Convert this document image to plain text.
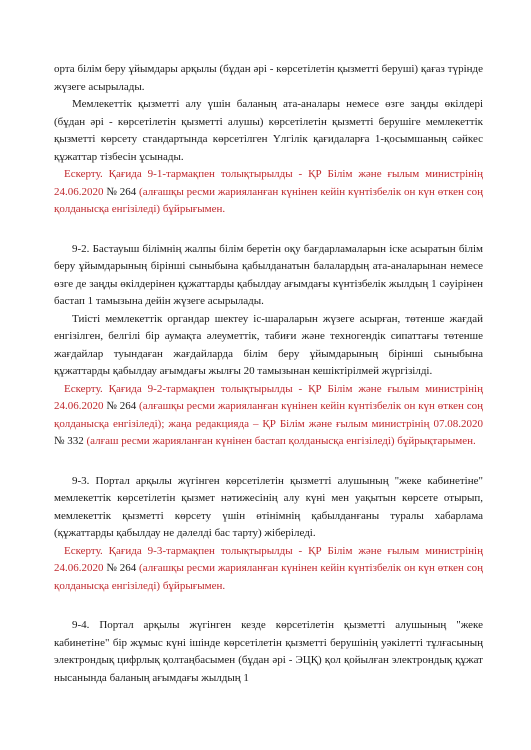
орта білім беру ұйымдары арқылы (бұдан әрі - көрсетілетін қызметті беруші) қағаз түрінде жүзеге асырылады.

Мемлекеттік қызметті алу үшін баланың ата-аналары немесе өзге заңды өкілдері (бұдан әрі - көрсетілетін қызметті алушы) көрсетілетін қызметті берушіге мемлекеттік қызметті көрсету стандартында көрсетілген Үлгілік қағидаларға 1-қосымшаның сәйкес құжаттар тізбесін ұсынады.

Ескерту. Қағида 9-1-тармақпен толықтырылды - ҚР Білім және ғылым министрінің 24.06.2020 № 264 (алғашқы ресми жарияланған күнінен кейін күнтізбелік он күн өткен соң қолданысқа енгізіледі) бұйрығымен.

9-2. Бастауыш білімнің жалпы білім беретін оқу бағдарламаларын іске асыратын білім беру ұйымдарының бірінші сыныбына қабылданатын балалардың ата-аналарынан немесе өзге де заңды өкілдерінен құжаттарды қабылдау ағымдағы күнтізбелік жылдың 1 сәуірінен бастап 1 тамызына дейін жүзеге асырылады.

Тиісті мемлекеттік органдар шектеу іс-шараларын жүзеге асырған, төтенше жағдай енгізілген, белгілі бір аумақта әлеуметтік, табиғи және техногендік сипаттағы төтенше жағдайлар туындаған жағдайларда білім беру ұйымдарының бірінші сыныбына құжаттарды қабылдау ағымдағы жылғы 20 тамызынан кешіктірілмей жүргізілді.

Ескерту. Қағида 9-2-тармақпен толықтырылды - ҚР Білім және ғылым министрінің 24.06.2020 № 264 (алғашқы ресми жарияланған күнінен кейін күнтізбелік он күн өткен соң қолданысқа енгізіледі); жаңа редакцияда – ҚР Білім және ғылым министрінің 07.08.2020 № 332 (алғаш ресми жарияланған күнінен бастап қолданысқа енгізіледі) бұйрықтарымен.

9-3. Портал арқылы жүгінген көрсетілетін қызметті алушының "жеке кабинетіне" мемлекеттік көрсетілетін қызмет нәтижесінің алу күні мен уақытын көрсете отырып, мемлекеттік қызметті көрсету үшін өтінімнің қабылданғаны туралы хабарлама (құжаттарды қабылдау не дәлелді бас тарту) жіберіледі.

Ескерту. Қағида 9-3-тармақпен толықтырылды - ҚР Білім және ғылым министрінің 24.06.2020 № 264 (алғашқы ресми жарияланған күнінен кейін күнтізбелік он күн өткен соң қолданысқа енгізіледі) бұйрығымен.

9-4. Портал арқылы жүгінген кезде көрсетілетін қызметті алушының "жеке кабинетіне" бір жұмыс күні ішінде көрсетілетін қызметті берушінің уәкілетті тұлғасының электрондық цифрлық қолтаңбасымен (бұдан әрі - ЭЦҚ) қол қойылған электрондық құжат нысанында баланың ағымдағы жылдың 1
